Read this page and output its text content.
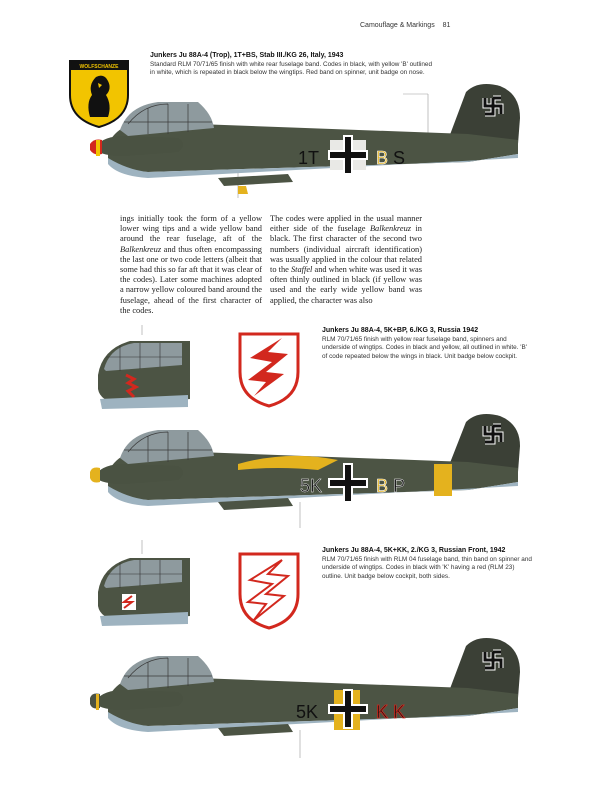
Camouflage & Markings 81
WOLFSCHANZE
Junkers Ju 88A-4 (Trop), 1T+BS, Stab III./KG 26, Italy, 1943
Standard RLM 70/71/65 finish with white rear fuselage band. Codes in black, with yellow 'B' outlined in white, which is repeated in black below the wingtips. Red band on spinner, unit badge on nose.
1T	B S
ings initially took the form of a yellow lower wing tips and a wide yellow band around the rear fuselage, aft of the Balkenkreuz and thus often encompassing the last one or two code letters (albeit that some had this so far aft that it was clear of the codes). Later some machines adopted a narrow yellow coloured band around the fuselage, ahead of the first character of the codes.
The codes were applied in the usual manner either side of the fuselage Balkenkreuz in black. The first character of the second two numbers (individual aircraft identification) was usually applied in the colour that related to the Staffel and when white was used it was often thinly outlined in black (if yellow was used and the early wide yellow band was applied, the character was also
Junkers Ju 88A-4, 5K+BP, 6./KG 3, Russia 1942
RLM 70/71/65 finish with yellow rear fuselage band, spinners and underside of wingtips. Codes in black and yellow, all outlined in white. 'B' of code repeated below the wings in black. Unit badge below cockpit.
5K	B P
Junkers Ju 88A-4, 5K+KK, 2./KG 3, Russian Front, 1942
RLM 70/71/65 finish with RLM 04 fuselage band, thin band on spinner and underside of wingtips. Codes in black with 'K' having a red (RLM 23) outline. Unit badge below cockpit, both sides.
5K	K K
